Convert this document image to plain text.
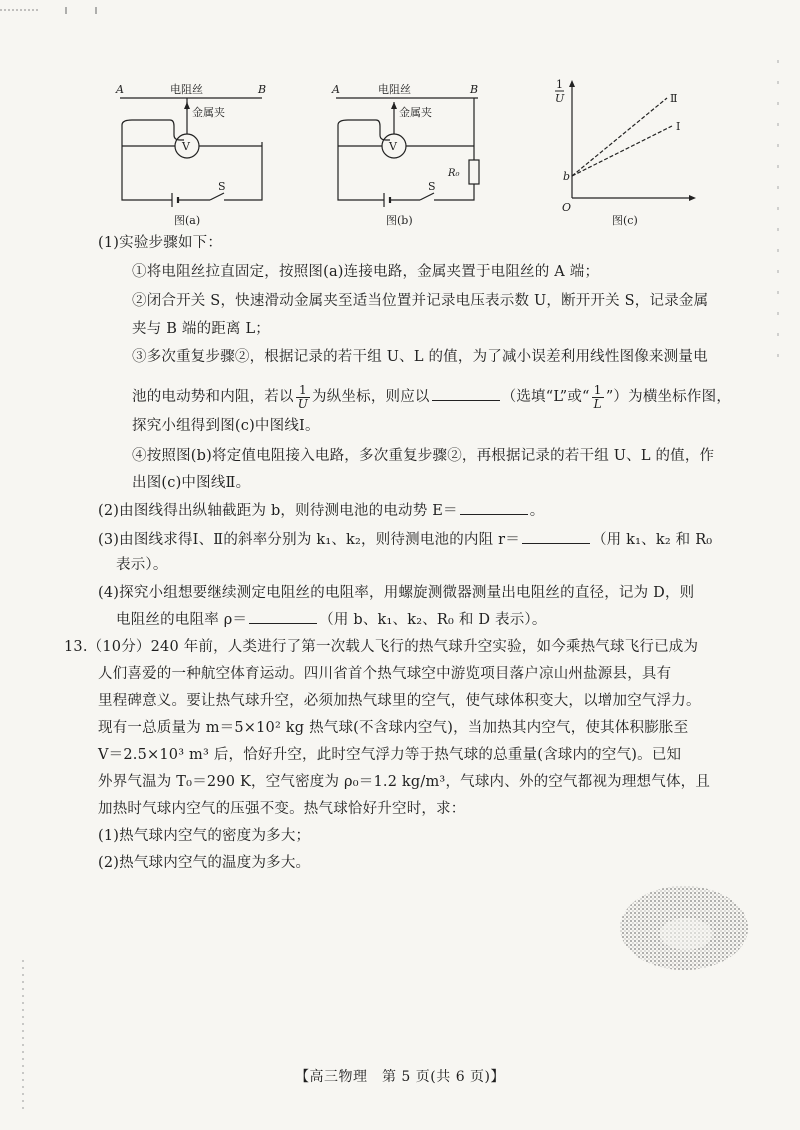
A	B
电阻丝
金属夹
V
S
图(a)
A	B
电阻丝
金属夹
V
S
R₀
图(b)
1
U
O
b
Ⅱ
Ⅰ
图(c)
(1)实验步骤如下：
①将电阻丝拉直固定，按照图(a)连接电路，金属夹置于电阻丝的 A 端；
②闭合开关 S，快速滑动金属夹至适当位置并记录电压表示数 U，断开开关 S，记录金属
夹与 B 端的距离 L；
③多次重复步骤②，根据记录的若干组 U、L 的值，为了减小误差利用线性图像来测量电
池的电动势和内阻，若以 $\frac{1}{U}$ 为纵坐标，则应以	（选填“L”或“ $\frac{1}{L}$ ”）为横坐标作图，
探究小组得到图(c)中图线Ⅰ。
④按照图(b)将定值电阻接入电路，多次重复步骤②，再根据记录的若干组 U、L 的值，作
出图(c)中图线Ⅱ。
(2)由图线得出纵轴截距为 b，则待测电池的电动势 E＝	。
(3)由图线求得Ⅰ、Ⅱ的斜率分别为 k₁、k₂，则待测电池的内阻 r＝	（用 k₁、k₂ 和 R₀
表示）。
(4)探究小组想要继续测定电阻丝的电阻率，用螺旋测微器测量出电阻丝的直径，记为 D，则
电阻丝的电阻率 ρ＝	（用 b、k₁、k₂、R₀ 和 D 表示）。
13.（10分）240 年前，人类进行了第一次载人飞行的热气球升空实验，如今乘热气球飞行已成为
人们喜爱的一种航空体育运动。四川省首个热气球空中游览项目落户凉山州盐源县，具有
里程碑意义。要让热气球升空，必须加热气球里的空气，使气球体积变大，以增加空气浮力。
现有一总质量为 m＝5×10² kg 热气球(不含球内空气)，当加热其内空气，使其体积膨胀至
V＝2.5×10³ m³ 后，恰好升空，此时空气浮力等于热气球的总重量(含球内的空气)。已知
外界气温为 T₀＝290 K，空气密度为 ρ₀＝1.2 kg/m³，气球内、外的空气都视为理想气体，且
加热时气球内空气的压强不变。热气球恰好升空时，求：
(1)热气球内空气的密度为多大；
(2)热气球内空气的温度为多大。
【高三物理　第 5 页(共 6 页)】
